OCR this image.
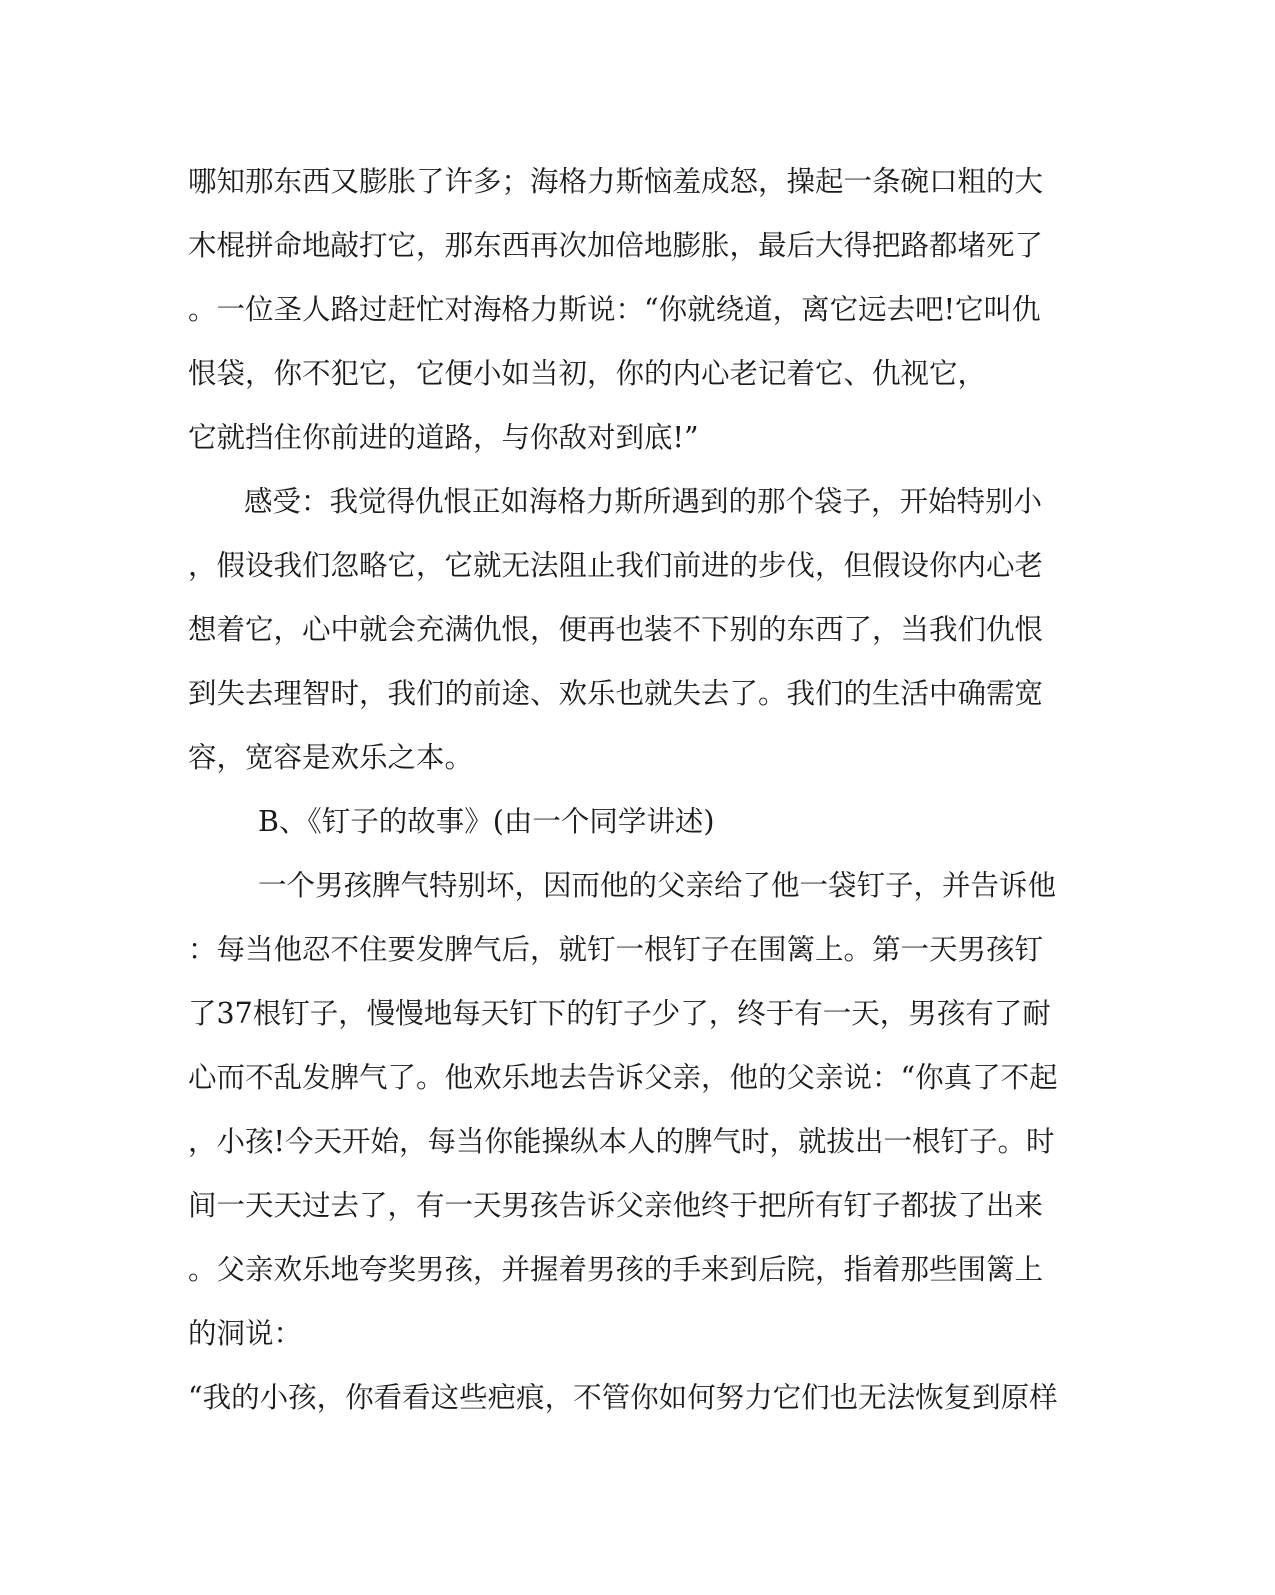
哪知那东西又膨胀了许多；海格力斯恼羞成怒，操起一条碗口粗的大
木棍拼命地敲打它，那东西再次加倍地膨胀，最后大得把路都堵死了
。一位圣人路过赶忙对海格力斯说：“你就绕道，离它远去吧!它叫仇
恨袋，你不犯它，它便小如当初，你的内心老记着它、仇视它，
它就挡住你前进的道路，与你敌对到底!”
感受：我觉得仇恨正如海格力斯所遇到的那个袋子，开始特别小
，假设我们忽略它，它就无法阻止我们前进的步伐，但假设你内心老
想着它，心中就会充满仇恨，便再也装不下别的东西了，当我们仇恨
到失去理智时，我们的前途、欢乐也就失去了。我们的生活中确需宽
容，宽容是欢乐之本。
B、《钉子的故事》(由一个同学讲述)
一个男孩脾气特别坏，因而他的父亲给了他一袋钉子，并告诉他
：每当他忍不住要发脾气后，就钉一根钉子在围篱上。第一天男孩钉
了37根钉子，慢慢地每天钉下的钉子少了，终于有一天，男孩有了耐
心而不乱发脾气了。他欢乐地去告诉父亲，他的父亲说：“你真了不起
，小孩!今天开始，每当你能操纵本人的脾气时，就拔出一根钉子。时
间一天天过去了，有一天男孩告诉父亲他终于把所有钉子都拔了出来
。父亲欢乐地夸奖男孩，并握着男孩的手来到后院，指着那些围篱上
的洞说：
“我的小孩，你看看这些疤痕，不管你如何努力它们也无法恢复到原样
